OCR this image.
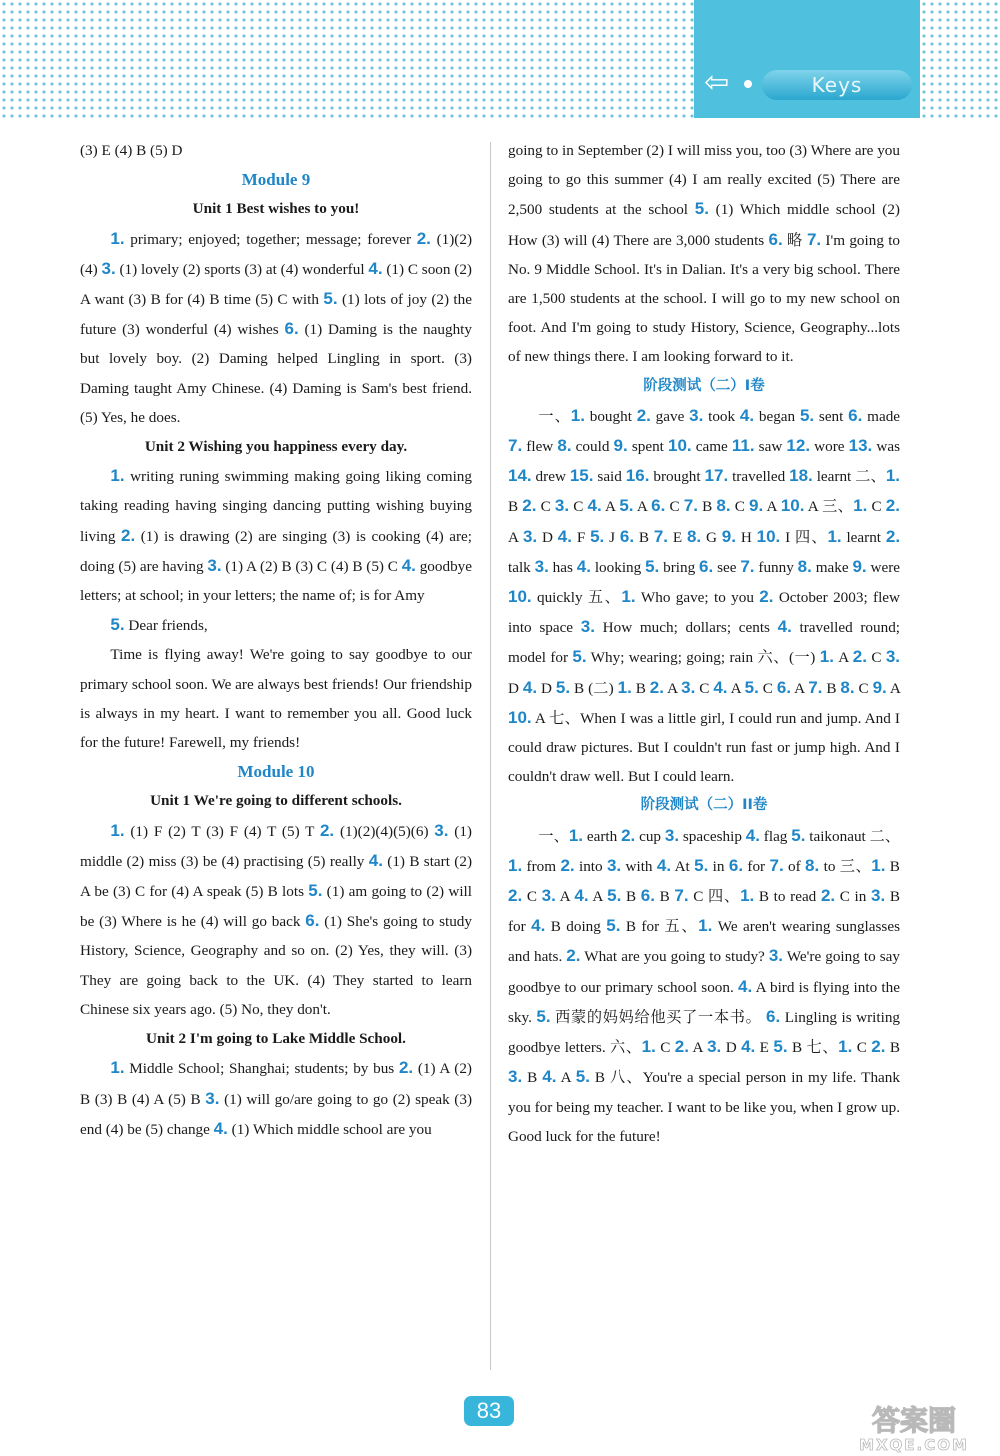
⇦	Keys

(3) E (4) B (5) D

Module 9

Unit 1 Best wishes to you!

1. primary; enjoyed; together; message; forever 2. (1)(2)(4) 3. (1) lovely (2) sports (3) at (4) wonderful 4. (1) C soon (2) A want (3) B for (4) B time (5) C with 5. (1) lots of joy (2) the future (3) wonderful (4) wishes 6. (1) Daming is the naughty but lovely boy. (2) Daming helped Lingling in sport. (3) Daming taught Amy Chinese. (4) Daming is Sam's best friend. (5) Yes, he does.

Unit 2 Wishing you happiness every day.

1. writing runing swimming making going liking coming taking reading having singing dancing putting wishing buying living 2. (1) is drawing (2) are singing (3) is cooking (4) are; doing (5) are having 3. (1) A (2) B (3) C (4) B (5) C 4. goodbye letters; at school; in your letters; the name of; is for Amy

5. Dear friends,

Time is flying away! We're going to say goodbye to our primary school soon. We are always best friends! Our friendship is always in my heart. I want to remember you all. Good luck for the future! Farewell, my friends!

Module 10

Unit 1 We're going to different schools.

1. (1) F (2) T (3) F (4) T (5) T 2. (1)(2)(4)(5)(6) 3. (1) middle (2) miss (3) be (4) practising (5) really 4. (1) B start (2) A be (3) C for (4) A speak (5) B lots 5. (1) am going to (2) will be (3) Where is he (4) will go back 6. (1) She's going to study History, Science, Geography and so on. (2) Yes, they will. (3) They are going back to the UK. (4) They started to learn Chinese six years ago. (5) No, they don't.

Unit 2 I'm going to Lake Middle School.

1. Middle School; Shanghai; students; by bus 2. (1) A (2) B (3) B (4) A (5) B 3. (1) will go/are going to go (2) speak (3) end (4) be (5) change 4. (1) Which middle school are you

going to in September (2) I will miss you, too (3) Where are you going to go this summer (4) I am really excited (5) There are 2,500 students at the school 5. (1) Which middle school (2) How (3) will (4) There are 3,000 students 6. 略 7. I'm going to No. 9 Middle School. It's in Dalian. It's a very big school. There are 1,500 students at the school. I will go to my new school on foot. And I'm going to study History, Science, Geography...lots of new things there. I am looking forward to it.

阶段测试（二）I卷

一、1. bought 2. gave 3. took 4. began 5. sent 6. made 7. flew 8. could 9. spent 10. came 11. saw 12. wore 13. was 14. drew 15. said 16. brought 17. travelled 18. learnt 二、1. B 2. C 3. C 4. A 5. A 6. C 7. B 8. C 9. A 10. A 三、1. C 2. A 3. D 4. F 5. J 6. B 7. E 8. G 9. H 10. I 四、1. learnt 2. talk 3. has 4. looking 5. bring 6. see 7. funny 8. make 9. were 10. quickly 五、1. Who gave; to you 2. October 2003; flew into space 3. How much; dollars; cents 4. travelled round; model for 5. Why; wearing; going; rain 六、(一) 1. A 2. C 3. D 4. D 5. B (二) 1. B 2. A 3. C 4. A 5. C 6. A 7. B 8. C 9. A 10. A 七、When I was a little girl, I could run and jump. And I could draw pictures. But I couldn't run fast or jump high. And I couldn't draw well. But I could learn.

阶段测试（二）II卷

一、1. earth 2. cup 3. spaceship 4. flag 5. taikonaut 二、1. from 2. into 3. with 4. At 5. in 6. for 7. of 8. to 三、1. B 2. C 3. A 4. A 5. B 6. B 7. C 四、1. B to read 2. C in 3. B for 4. B doing 5. B for 五、1. We aren't wearing sunglasses and hats. 2. What are you going to study? 3. We're going to say goodbye to our primary school soon. 4. A bird is flying into the sky. 5. 西蒙的妈妈给他买了一本书。 6. Lingling is writing goodbye letters. 六、1. C 2. A 3. D 4. E 5. B 七、1. C 2. B 3. B 4. A 5. B 八、You're a special person in my life. Thank you for being my teacher. I want to be like you, when I grow up. Good luck for the future!

83	答案圈
MXQE.COM
